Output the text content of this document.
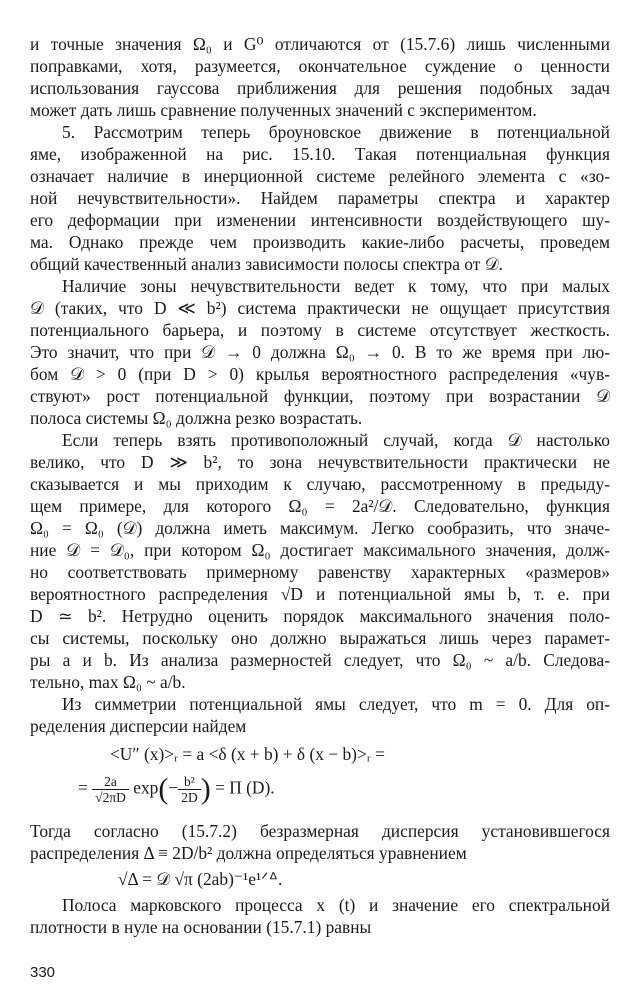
и точные значения Ω₀ и G⁰ отличаются от (15.7.6) лишь численными
поправками, хотя, разумеется, окончательное суждение о ценности
использования гауссова приближения для решения подобных задач
может дать лишь сравнение полученных значений с экспериментом.
5. Рассмотрим теперь броуновское движение в потенциальной
яме, изображенной на рис. 15.10. Такая потенциальная функция
означает наличие в инерционной системе релейного элемента с «зо-
ной нечувствительности». Найдем параметры спектра и характер
его деформации при изменении интенсивности воздействующего шу-
ма. Однако прежде чем производить какие-либо расчеты, проведем
общий качественный анализ зависимости полосы спектра от 𝒟.
Наличие зоны нечувствительности ведет к тому, что при малых
𝒟 (таких, что D ≪ b²) система практически не ощущает присутствия
потенциального барьера, и поэтому в системе отсутствует жесткость.
Это значит, что при 𝒟 → 0 должна Ω₀ → 0. В то же время при лю-
бом 𝒟 > 0 (при D > 0) крылья вероятностного распределения «чув-
ствуют» рост потенциальной функции, поэтому при возрастании 𝒟
полоса системы Ω₀ должна резко возрастать.
Если теперь взять противоположный случай, когда 𝒟 настолько
велико, что D ≫ b², то зона нечувствительности практически не
сказывается и мы приходим к случаю, рассмотренному в предыду-
щем примере, для которого Ω₀ = 2a²/𝒟. Следовательно, функция
Ω₀ = Ω₀ (𝒟) должна иметь максимум. Легко сообразить, что значе-
ние 𝒟 = 𝒟₀, при котором Ω₀ достигает максимального значения, долж-
но соответствовать примерному равенству характерных «размеров»
вероятностного распределения √D и потенциальной ямы b, т. е. при
D ≃ b². Нетрудно оценить порядок максимального значения поло-
сы системы, поскольку оно должно выражаться лишь через парамет-
ры a и b. Из анализа размерностей следует, что Ω₀ ~ a/b. Следова-
тельно, max Ω₀ ~ a/b.
Из симметрии потенциальной ямы следует, что m = 0. Для оп-
ределения дисперсии найдем
<U″ (x)>ᵣ = a <δ (x + b) + δ (x − b)>ᵣ =
= $\frac{2a}{√2\pi D} \exp(- \frac{\text{b²}}{2D}$ ) = Π (D).
Тогда согласно (15.7.2) безразмерная дисперсия установившегося
распределения Δ ≡ 2D/b² должна определяться уравнением
√Δ = 𝒟 √π (2ab)⁻¹e¹ᐟᐞ.
Полоса марковского процесса x (t) и значение его спектральной
плотности в нуле на основании (15.7.1) равны
330
